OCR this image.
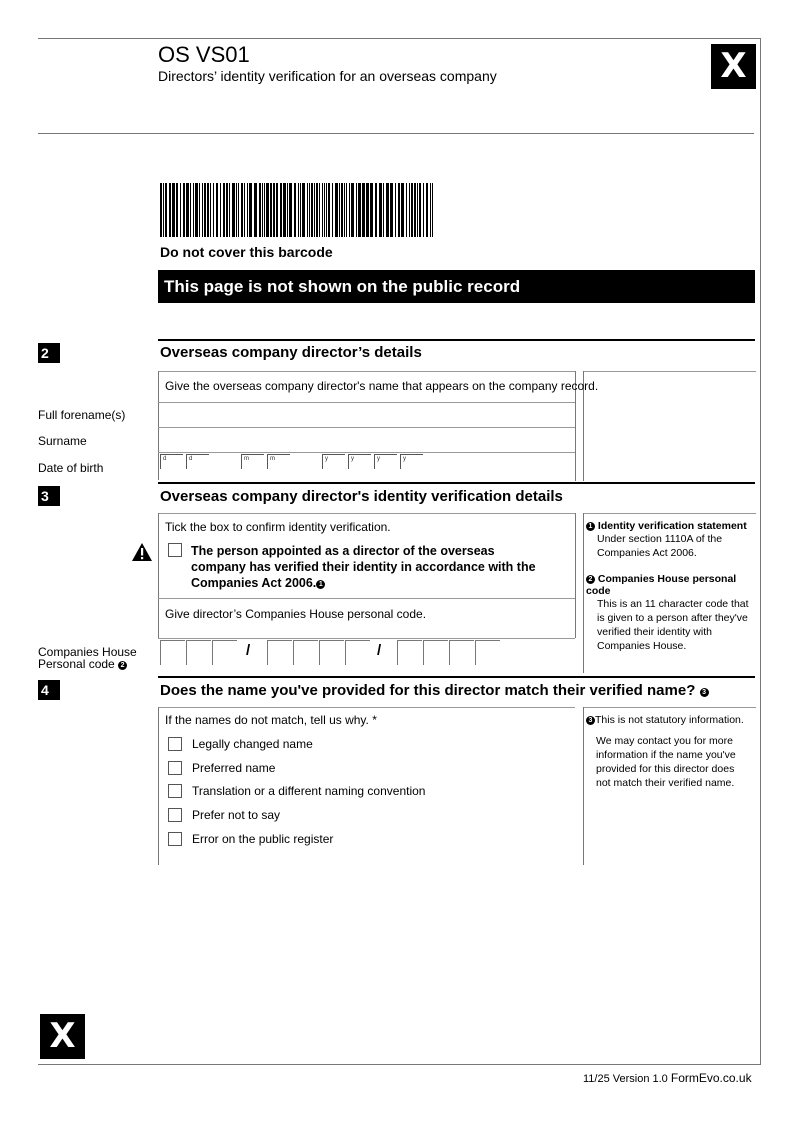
OS VS01
Directors’ identity verification for an overseas company	X
Do not cover this barcode
This page is not shown on the public record
2	Overseas company director’s details
Give the overseas company director's name that appears on the company record.
Full forename(s)
Surname
Date of birth
d	d	m	m	y	y	y	y
3	Overseas company director's identity verification details
Tick the box to confirm identity verification.
The person appointed as a director of the overseas company has verified their identity in accordance with the Companies Act 2006. 1
Give director’s Companies House personal code.
Companies House
Personal code 2
/	/
1 Identity verification statement
Under section 1110A of the Companies Act 2006.
2 Companies House personal code
This is an 11 character code that is given to a person after they've verified their identity with Companies House.
4	Does the name you've provided for this director match their verified name? 3
If the names do not match, tell us why. *
Legally changed name
Preferred name
Translation or a different naming convention
Prefer not to say
Error on the public register
3 This is not statutory information.
We may contact you for more information if the name you've provided for this director does not match their verified name.
X
11/25 Version 1.0 FormEvo.co.uk
